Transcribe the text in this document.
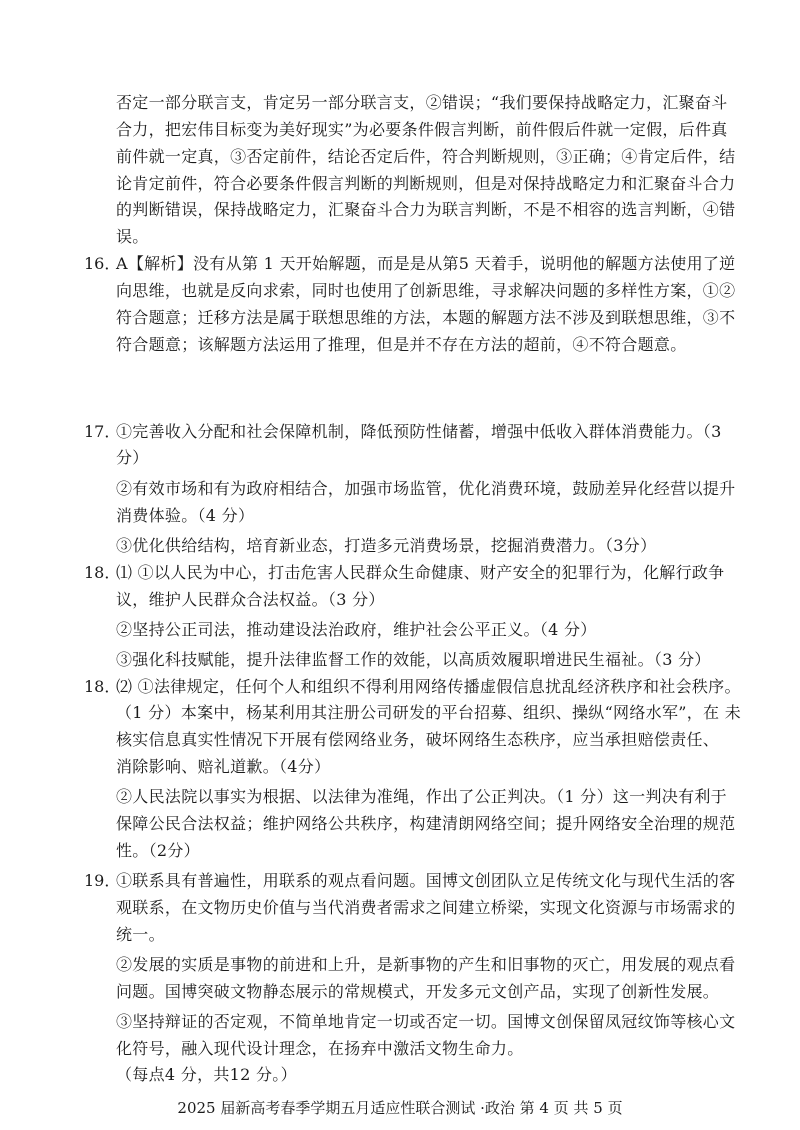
否定一部分联言支，肯定另一部分联言支，②错误；“我们要保持战略定力，汇聚奋斗
合力，把宏伟目标变为美好现实”为必要条件假言判断，前件假后件就一定假，后件真
前件就一定真，③否定前件，结论否定后件，符合判断规则，③正确；④肯定后件，结
论肯定前件，符合必要条件假言判断的判断规则，但是对保持战略定力和汇聚奋斗合力
的判断错误，保持战略定力，汇聚奋斗合力为联言判断，不是不相容的选言判断，④错
误。
16．
A【解析】没有从第 1 天开始解题，而是是从第5 天着手，说明他的解题方法使用了逆
向思维，也就是反向求索，同时也使用了创新思维，寻求解决问题的多样性方案，①②
符合题意；迁移方法是属于联想思维的方法，本题的解题方法不涉及到联想思维，③不
符合题意；该解题方法运用了推理，但是并不存在方法的超前，④不符合题意。
17．
①完善收入分配和社会保障机制，降低预防性储蓄，增强中低收入群体消费能力。（3
分）
②有效市场和有为政府相结合，加强市场监管，优化消费环境，鼓励差异化经营以提升
消费体验。（4 分）
③优化供给结构，培育新业态，打造多元消费场景，挖掘消费潜力。（3分）
18．
⑴ ①以人民为中心，打击危害人民群众生命健康、财产安全的犯罪行为，化解行政争
议，维护人民群众合法权益。（3 分）
②坚持公正司法，推动建设法治政府，维护社会公平正义。（4 分）
③强化科技赋能，提升法律监督工作的效能，以高质效履职增进民生福祉。（3 分）
18．
⑵ ①法律规定，任何个人和组织不得利用网络传播虚假信息扰乱经济秩序和社会秩序。
（1 分）本案中，杨某利用其注册公司研发的平台招募、组织、操纵“网络水军”，在 未
核实信息真实性情况下开展有偿网络业务，破坏网络生态秩序，应当承担赔偿责任、
消除影响、赔礼道歉。（4分）
②人民法院以事实为根据、以法律为准绳，作出了公正判决。（1 分）这一判决有利于
保障公民合法权益；维护网络公共秩序，构建清朗网络空间；提升网络安全治理的规范
性。（2分）
19．
①联系具有普遍性，用联系的观点看问题。国博文创团队立足传统文化与现代生活的客
观联系，在文物历史价值与当代消费者需求之间建立桥梁，实现文化资源与市场需求的
统一。
②发展的实质是事物的前进和上升，是新事物的产生和旧事物的灭亡，用发展的观点看
问题。国博突破文物静态展示的常规模式，开发多元文创产品，实现了创新性发展。
③坚持辩证的否定观，不简单地肯定一切或否定一切。国博文创保留凤冠纹饰等核心文
化符号，融入现代设计理念，在扬弃中激活文物生命力。
（每点4 分，共12 分。）
2025 届新高考春季学期五月适应性联合测试 ·政治 第 4 页 共 5 页
